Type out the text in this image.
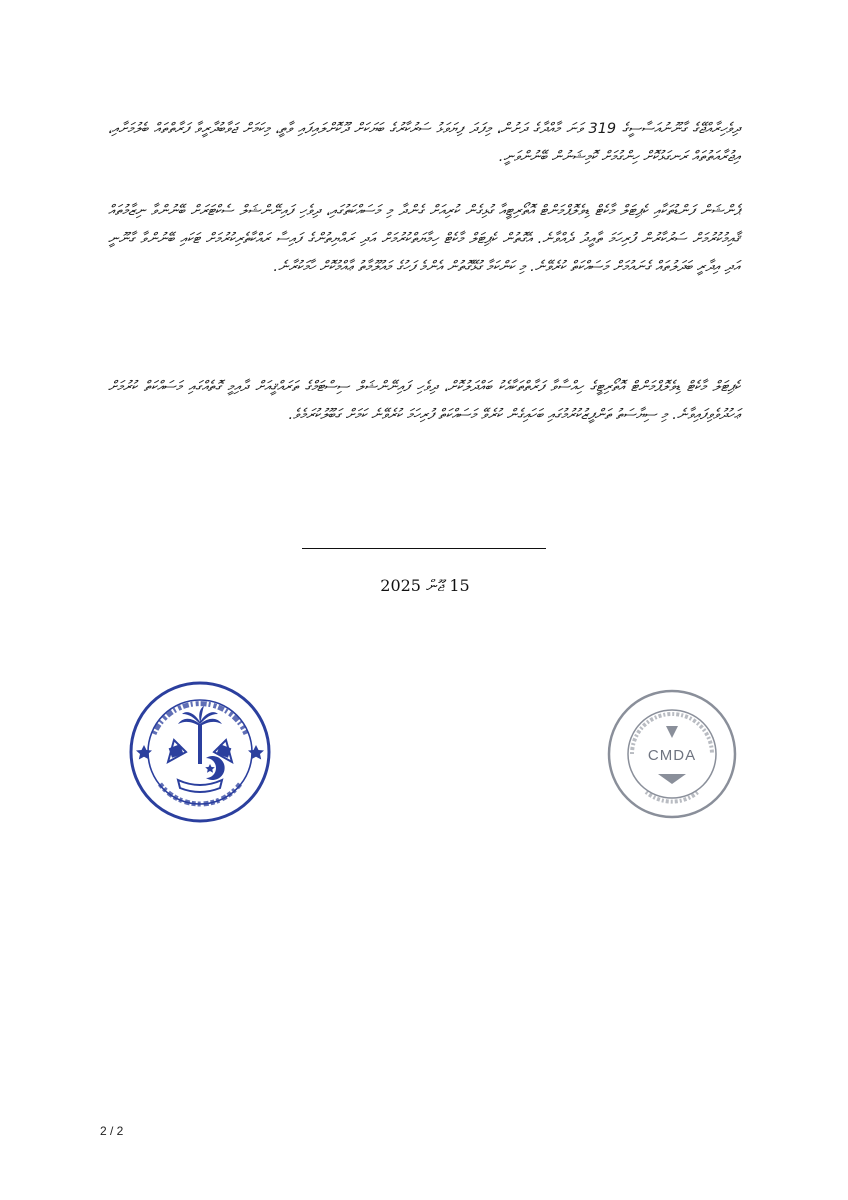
ދިވެހިރާއްޖޭގެ ގާނޫނުއަސާސީގެ 319 ވަނަ މާއްދާގެ ދަށުން، މިފަދަ ފިޔަވަޅު ސަރުކާރުގެ ބަޔަކަށް ދޫކޮށްލައިފައި ވާތީ، މިކަމަށް ޖަވާބުދާރީވާ ފަރާތްތައް ބެލުމަށާއި، އިޖުރާއަތުތައް ރަނގަޅުކޮށް ހިންގުމަށް ކޮމިޝަނުން ބޭނުންވަނީ.

ޕެންޝަން ފަންޑުތަކާއި ކެޕިޓަލް މާކެޓް ޑިވެލޮޕްމަންޓް އޮތޯރިޓީއާ ގުޅިގެން ކުރިއަށް ގެންދާ މި މަސައްކަތުގައި، ދިވެހި ފައިނޭންޝަލް ސެކްޓަރަށް ބޭނުންވާ ނިޒާމުތައް ޤާއިމުކުރުމަށް ސަރުކާރުން ފުރިހަމަ ތާއީދު ދެއްވާނެ. އެގޮތުން ކެޕިޓަލް މާކެޓް ހިމާޔަތްކުރުމަށް އަދި ރައްޔިތުންގެ ފައިސާ ރައްކާތެރިކުރުމަށް ޓަކައި ބޭނުންވާ ގާނޫނީ އަދި އިދާރީ ބަދަލުތައް ގެނައުމަށް މަސައްކަތް ކުރެވޭނެ. މި ކަންކަމާ ގުޅޭގޮތުން އެންމެ ފަހުގެ މައުލޫމާތު ޢާއްމުކޮށް ހާމަކުރާނެ.

ކެޕިޓަލް މާކެޓް ޑިވެލޮޕްމަންޓް އޮތޯރިޓީގެ ހިއްސާވާ ފަރާތްތަކާއެކު ބައްދަލުކޮށް، ދިވެހި ފައިނޭންޝަލް ސިސްޓަމްގެ ތަރައްޤީއަށް ދާއިމީ ގޮތެއްގައި މަސައްކަތް ކުރުމަށް ޢަހުދުވެވިފައިވާނެ. މި ސިޔާސަތު ތަންފީޒުކުރުމުގައި ބަހައިގެން ކުރެވޭ މަސައްކަތް ފުރިހަމަ ކުރެވޭނެ ކަމަށް ގަބޫލުކުރަމެވެ.

15 ޖޫން 2025
CMDA
2 / 2
